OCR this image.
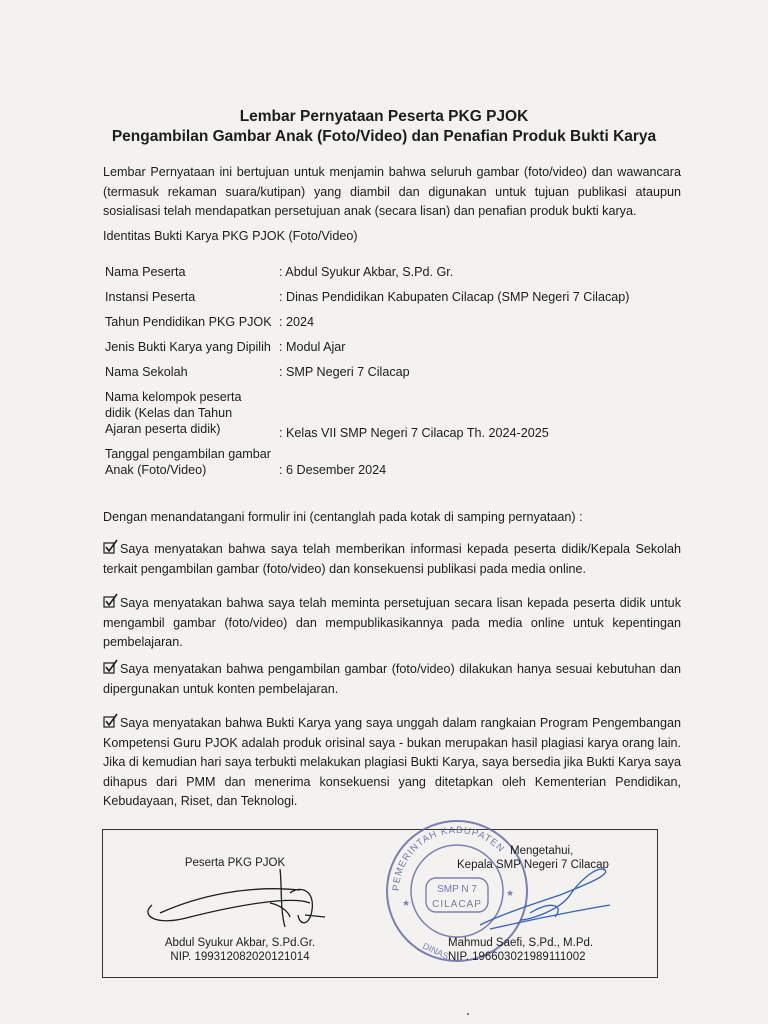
Lembar Pernyataan Peserta PKG PJOK
Pengambilan Gambar Anak (Foto/Video) dan Penafian Produk Bukti Karya
Lembar Pernyataan ini bertujuan untuk menjamin bahwa seluruh gambar (foto/video) dan wawancara (termasuk rekaman suara/kutipan) yang diambil dan digunakan untuk tujuan publikasi ataupun sosialisasi telah mendapatkan persetujuan anak (secara lisan) dan penafian produk bukti karya.
Identitas Bukti Karya PKG PJOK (Foto/Video)
Nama Peserta	: Abdul Syukur Akbar, S.Pd. Gr.
Instansi Peserta	: Dinas Pendidikan Kabupaten Cilacap (SMP Negeri 7 Cilacap)
Tahun Pendidikan PKG PJOK : 2024
Jenis Bukti Karya yang Dipilih : Modul Ajar
Nama Sekolah	: SMP Negeri 7 Cilacap
Nama kelompok peserta didik (Kelas dan Tahun Ajaran peserta didik)	: Kelas VII SMP Negeri 7 Cilacap Th. 2024-2025
Tanggal pengambilan gambar Anak (Foto/Video)	: 6 Desember 2024
Dengan menandatangani formulir ini (centanglah pada kotak di samping pernyataan) :
Saya menyatakan bahwa saya telah memberikan informasi kepada peserta didik/Kepala Sekolah terkait pengambilan gambar (foto/video) dan konsekuensi publikasi pada media online.
Saya menyatakan bahwa saya telah meminta persetujuan secara lisan kepada peserta didik untuk mengambil gambar (foto/video) dan mempublikasikannya pada media online untuk kepentingan pembelajaran.
Saya menyatakan bahwa pengambilan gambar (foto/video) dilakukan hanya sesuai kebutuhan dan dipergunakan untuk konten pembelajaran.
Saya menyatakan bahwa Bukti Karya yang saya unggah dalam rangkaian Program Pengembangan Kompetensi Guru PJOK adalah produk orisinal saya - bukan merupakan hasil plagiasi karya orang lain. Jika di kemudian hari saya terbukti melakukan plagiasi Bukti Karya, saya bersedia jika Bukti Karya saya dihapus dari PMM dan menerima konsekuensi yang ditetapkan oleh Kementerian Pendidikan, Kebudayaan, Riset, dan Teknologi.
Peserta PKG PJOK
Abdul Syukur Akbar, S.Pd.Gr.
NIP. 199312082020121014
PEMERINTAH KABUPATEN
DINAS
★
★
SMP N 7
CILACAP
Mengetahui,
Kepala SMP Negeri 7 Cilacap
Mahmud Saefi, S.Pd., M.Pd.
NIP. 196603021989111002
